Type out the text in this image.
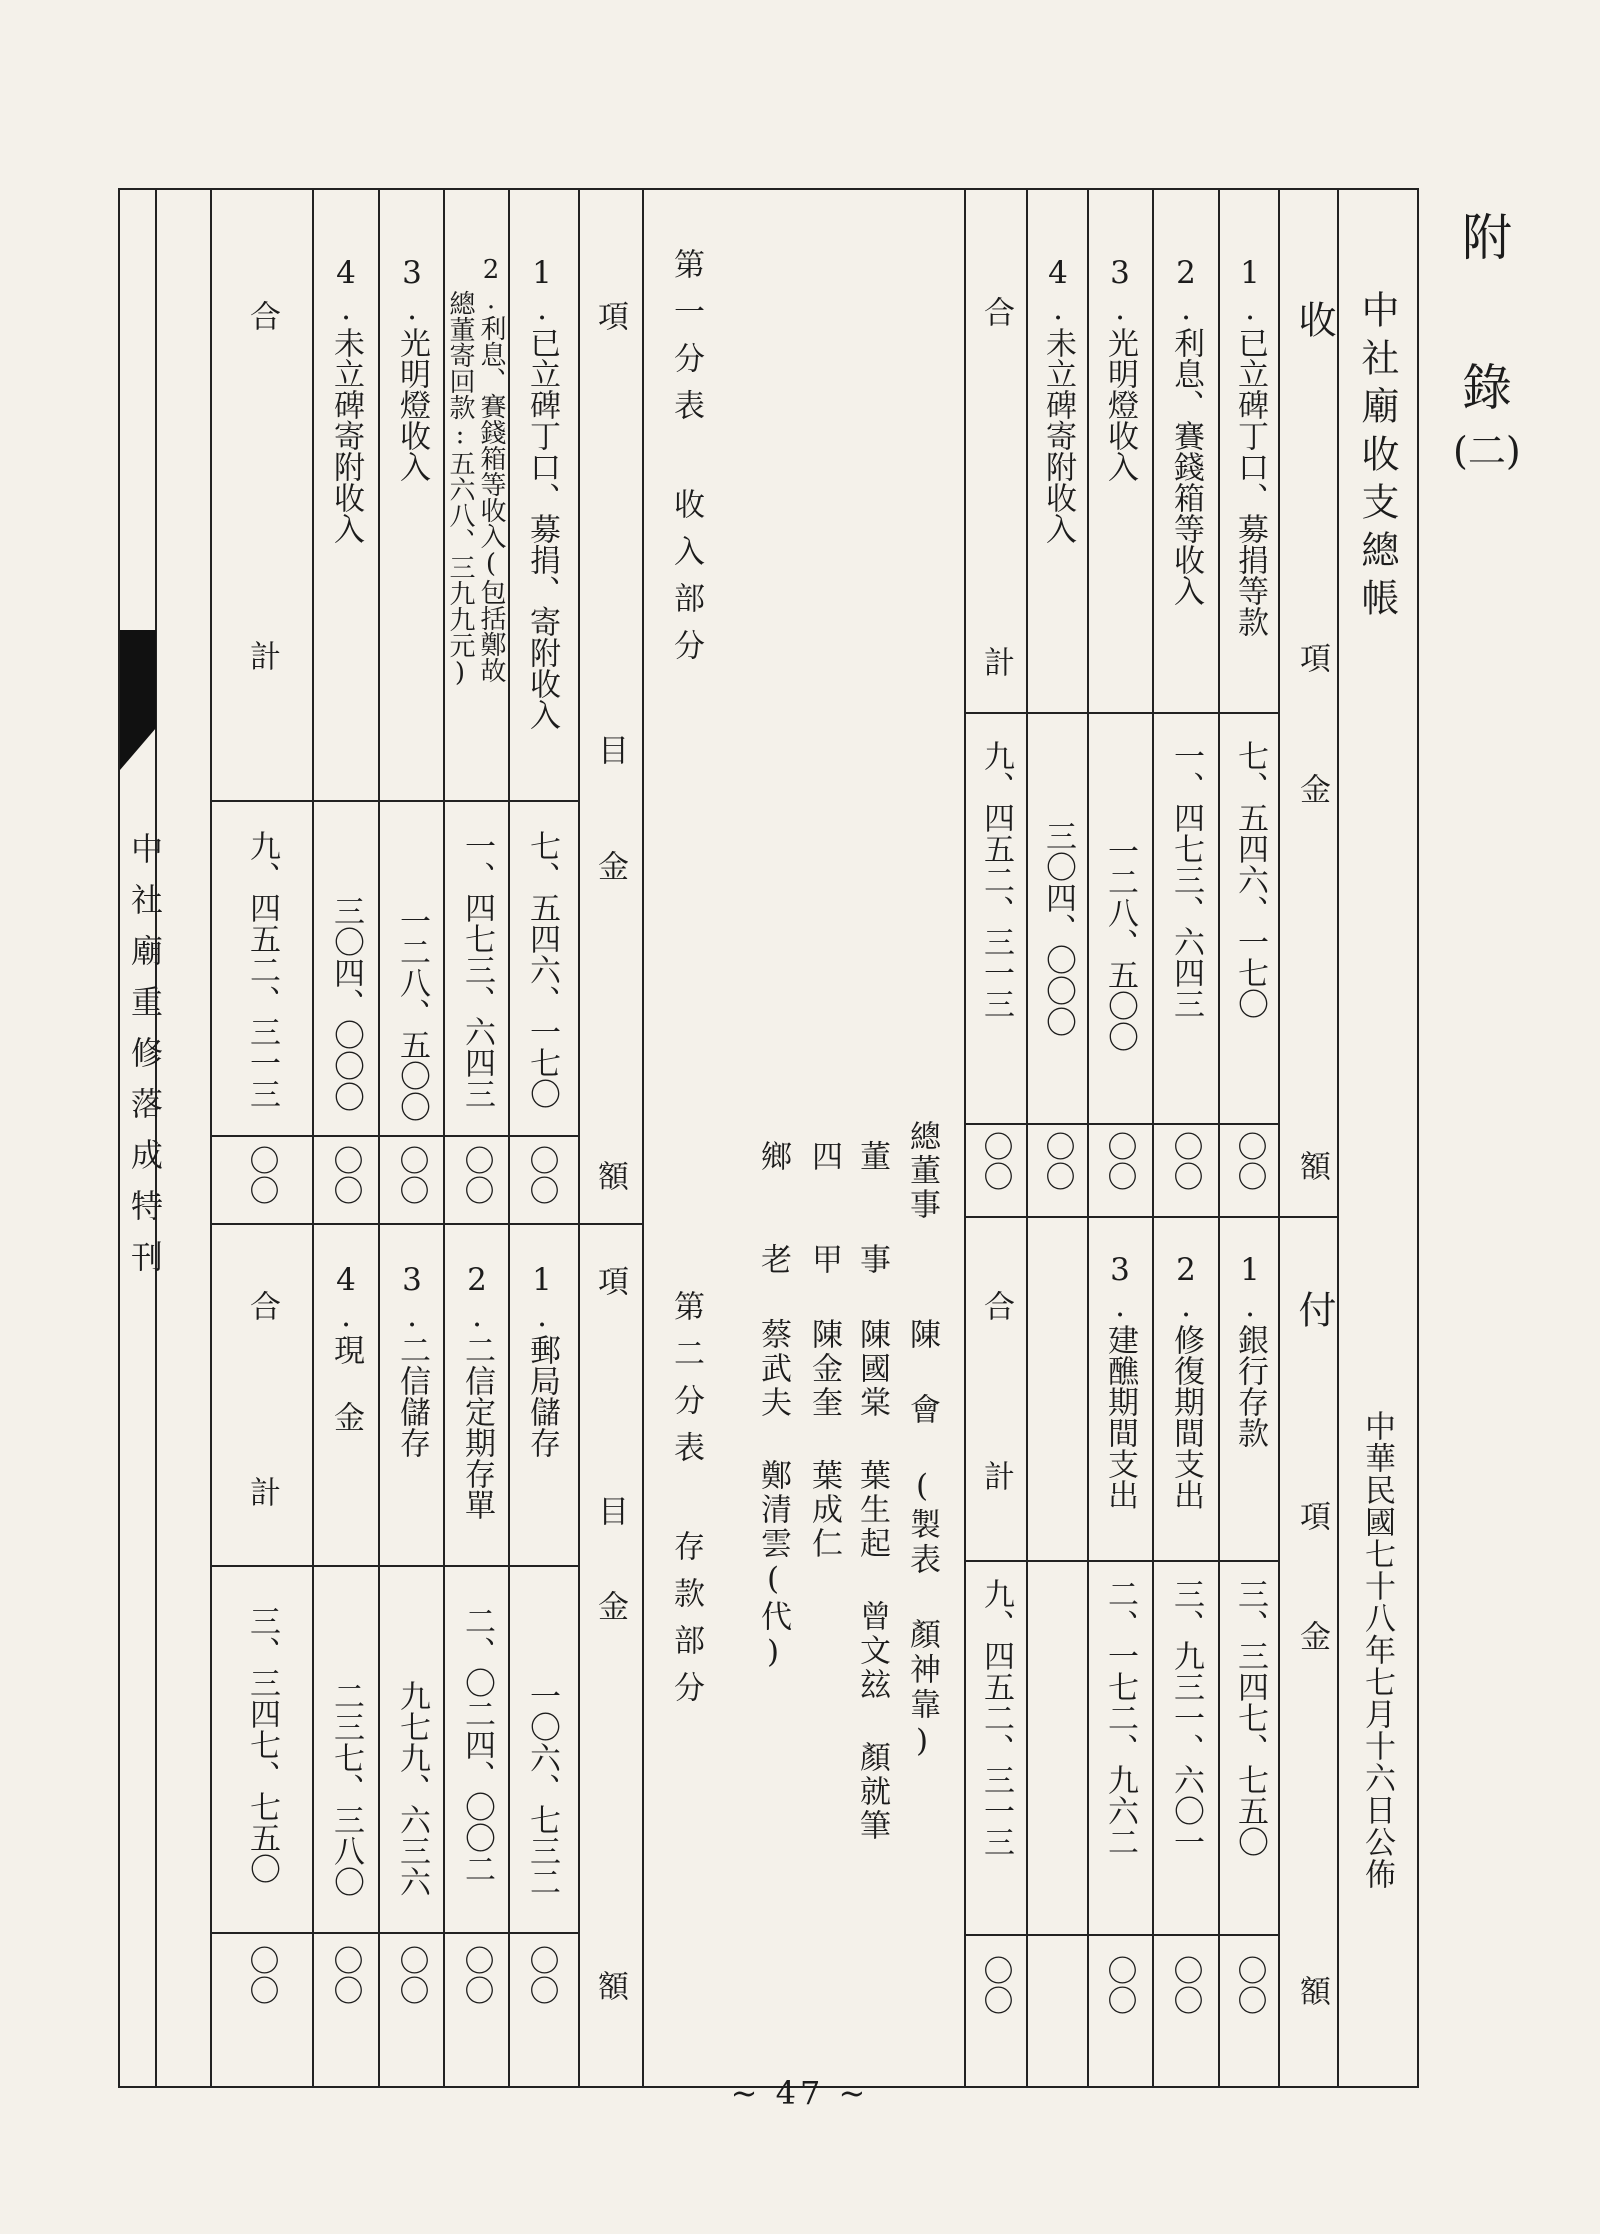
附
錄
(二)
中社廟重修落成特刊
中社廟收支總帳
中華民國七十八年七月十六日公佈
收
項
金
額
1.已立碑丁口、募捐等款
七、五四六、一七〇
〇〇
2.利息、賽錢箱等收入
一、四七三、六四三
〇〇
3.光明燈收入
一二八、五〇〇
〇〇
4.未立碑寄附收入
三〇四、〇〇〇
〇〇
合
計
九、四五二、三一三
〇〇
付
項
金
額
1.銀行存款
三、三四七、七五〇
〇〇
2.修復期間支出
三、九三一、六〇一
〇〇
3.建醮期間支出
二、一七二、九六二
〇〇
合
計
九、四五二、三一三
〇〇
第一分表 收入部分
第二分表 存款部分
總董事
陳 會 (製表 顏神靠)
董 事
陳國棠 葉生起 曾文玆 顏就筆
四 甲
陳金奎 葉成仁
鄉 老
蔡武夫 鄭清雲(代)
項
目
金
額
1.已立碑丁口、募捐、寄附收入
七、五四六、一七〇
〇〇
2.利息、賽錢箱等收入(包括鄭故
總董寄回款:五六八、三九九元)
一、四七三、六四三
〇〇
3.光明燈收入
一二八、五〇〇
〇〇
4.未立碑寄附收入
三〇四、〇〇〇
〇〇
合
計
九、四五二、三一三
〇〇
項
目
金
額
1.郵局儲存
一〇六、七三二
〇〇
2.二信定期存單
二、〇二四、〇〇二
〇〇
3.二信儲存
九七九、六三六
〇〇
4.現 金
二三七、三八〇
〇〇
合
計
三、三四七、七五〇
〇〇
~ 47 ~
